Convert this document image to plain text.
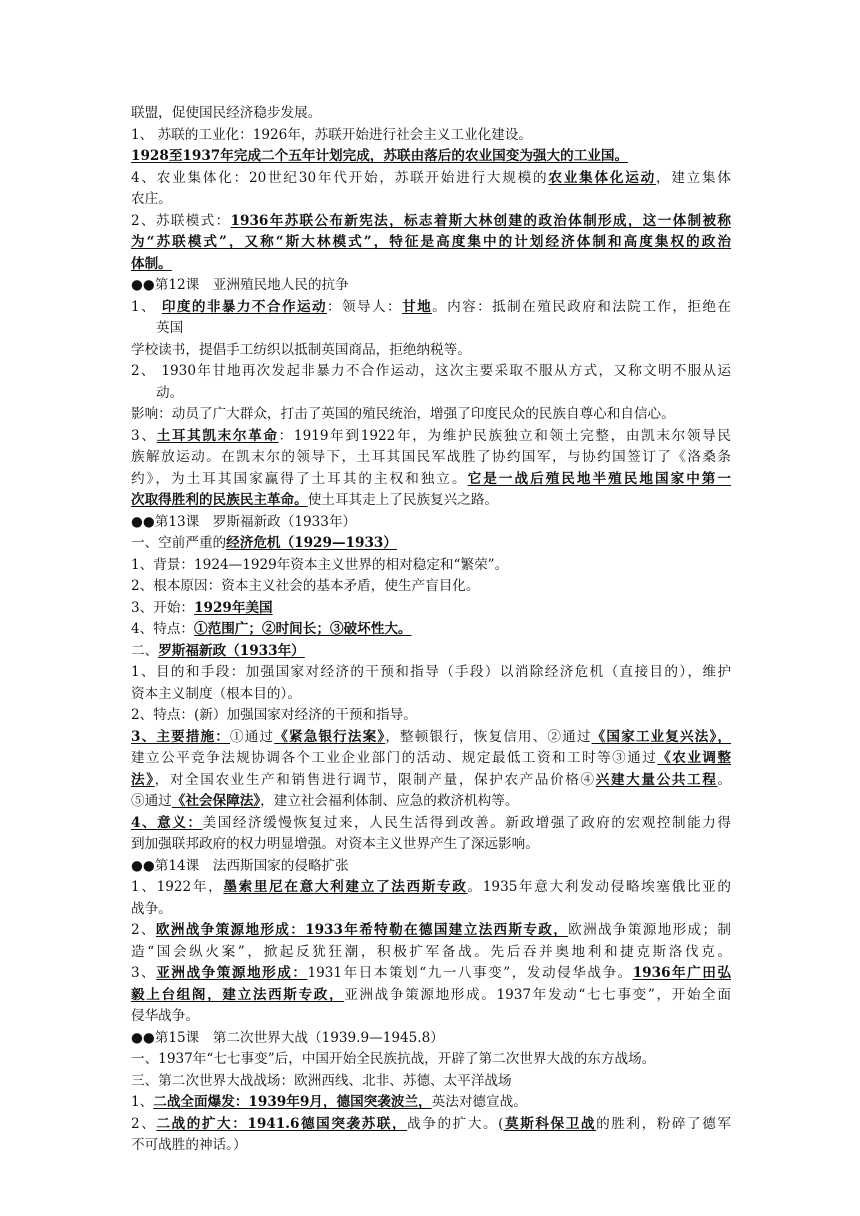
联盟，促使国民经济稳步发展。
1、 苏联的工业化：1926年，苏联开始进行社会主义工业化建设。
1928至1937年完成二个五年计划完成，苏联由落后的农业国变为强大的工业国。
4、农业集体化：20世纪30年代开始，苏联开始进行大规模的农业集体化运动，建立集体
农庄。
2、苏联模式：1936年苏联公布新宪法，标志着斯大林创建的政治体制形成，这一体制被称
为“苏联模式”，又称“斯大林模式”，特征是高度集中的计划经济体制和高度集权的政治
体制。
●●第12课　亚洲殖民地人民的抗争
1、 印度的非暴力不合作运动：领导人：甘地。内容：抵制在殖民政府和法院工作，拒绝在
英国
学校读书，提倡手工纺织以抵制英国商品，拒绝纳税等。
2、 1930年甘地再次发起非暴力不合作运动，这次主要采取不服从方式，又称文明不服从运
动。
影响：动员了广大群众，打击了英国的殖民统治，增强了印度民众的民族自尊心和自信心。
3、土耳其凯末尔革命：1919年到1922年，为维护民族独立和领土完整，由凯末尔领导民
族解放运动。在凯末尔的领导下，土耳其国民军战胜了协约国军，与协约国签订了《洛桑条
约》，为土耳其国家赢得了土耳其的主权和独立。它是一战后殖民地半殖民地国家中第一
次取得胜利的民族民主革命。使土耳其走上了民族复兴之路。
●●第13课　罗斯福新政（1933年）
一、空前严重的经济危机（1929—1933）
1、背景：1924—1929年资本主义世界的相对稳定和“繁荣”。
2、根本原因：资本主义社会的基本矛盾，使生产盲目化。
3、开始：1929年美国
4、特点：①范围广；②时间长；③破坏性大。
二、罗斯福新政（1933年）
1、目的和手段：加强国家对经济的干预和指导（手段）以消除经济危机（直接目的），维护
资本主义制度（根本目的）。
2、特点：(新）加强国家对经济的干预和指导。
3、主要措施：①通过《紧急银行法案》，整顿银行，恢复信用、②通过《国家工业复兴法》，
建立公平竞争法规协调各个工业企业部门的活动、规定最低工资和工时等③通过《农业调整
法》，对全国农业生产和销售进行调节，限制产量，保护农产品价格④兴建大量公共工程。
⑤通过《社会保障法》，建立社会福利体制、应急的救济机构等。
4、意义：美国经济缓慢恢复过来，人民生活得到改善。新政增强了政府的宏观控制能力得
到加强联邦政府的权力明显增强。对资本主义世界产生了深远影响。
●●第14课　法西斯国家的侵略扩张
1、1922年，墨索里尼在意大利建立了法西斯专政。1935年意大利发动侵略埃塞俄比亚的
战争。
2、欧洲战争策源地形成：1933年希特勒在德国建立法西斯专政，欧洲战争策源地形成；制
造“国会纵火案”，掀起反犹狂潮，积极扩军备战。先后吞并奥地利和捷克斯洛伐克。
3、亚洲战争策源地形成：1931年日本策划“九一八事变”，发动侵华战争。1936年广田弘
毅上台组阁，建立法西斯专政，亚洲战争策源地形成。1937年发动“七七事变”，开始全面
侵华战争。
●●第15课　第二次世界大战（1939.9—1945.8）
一、1937年“七七事变”后，中国开始全民族抗战，开辟了第二次世界大战的东方战场。
三、第二次世界大战战场：欧洲西线、北非、苏德、太平洋战场
1、二战全面爆发：1939年9月，德国突袭波兰，英法对德宣战。
2、二战的扩大：1941.6德国突袭苏联，战争的扩大。(莫斯科保卫战的胜利，粉碎了德军
不可战胜的神话。）
